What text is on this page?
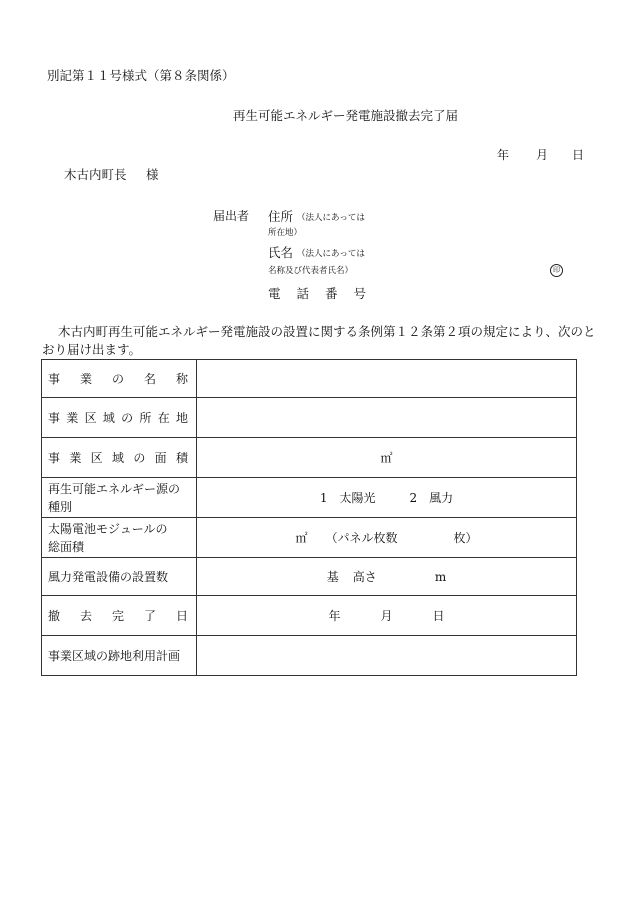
別記第１１号様式（第８条関係）
再生可能エネルギー発電施設撤去完了届
年 月 日
木古内町長 様
届出者 住所 （法人にあっては
所在地）
氏名 （法人にあっては
名称及び代表者氏名）	印
電 話 番 号
木古内町再生可能エネルギー発電施設の設置に関する条例第１２条第２項の規定により、次のと
おり届け出ます。
事業の名称	

事業区域の所在地	

事業区域の面積	㎡

再生可能エネルギー源の
種別	1　太陽光 2　風力

太陽電池モジュールの
総面積	㎡ （パネル枚数 枚）

風力発電設備の設置数	基 高さ m

撤去完了日	年 月 日

事業区域の跡地利用計画	
